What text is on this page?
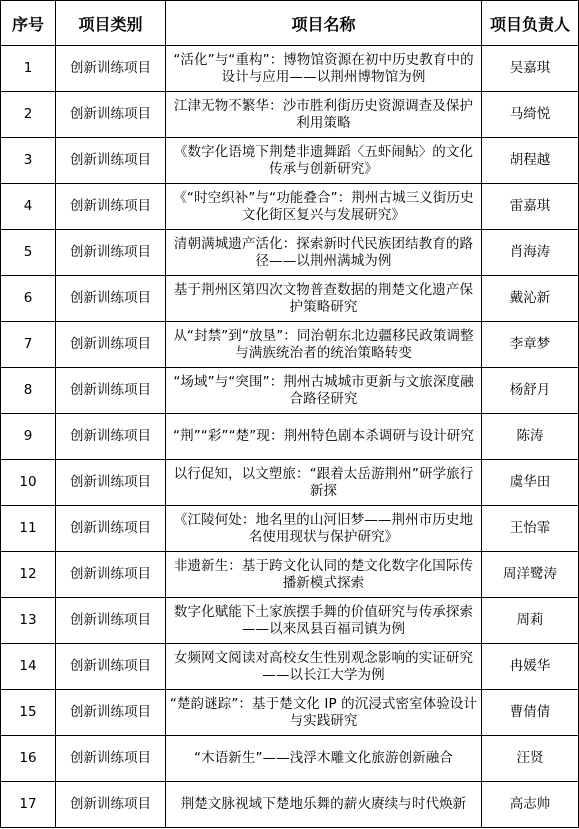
序号	项目类别	项目名称	项目负责人
1	创新训练项目	“活化”与“重构”：博物馆资源在初中历史教育中的设计与应用——以荆州博物馆为例	吴嘉琪
2	创新训练项目	江津无物不繁华：沙市胜利街历史资源调查及保护利用策略	马绮悦
3	创新训练项目	《数字化语境下荆楚非遗舞蹈〈五虾闹鲇〉的文化传承与创新研究》	胡程越
4	创新训练项目	《“时空织补”与“功能叠合”：荆州古城三义街历史文化街区复兴与发展研究》	雷嘉琪
5	创新训练项目	清朝满城遗产活化：探索新时代民族团结教育的路径——以荆州满城为例	肖海涛
6	创新训练项目	基于荆州区第四次文物普查数据的荆楚文化遗产保护策略研究	戴沁新
7	创新训练项目	从“封禁”到“放垦”：同治朝东北边疆移民政策调整与满族统治者的统治策略转变	李章梦
8	创新训练项目	“场域”与“突围”：荆州古城城市更新与文旅深度融合路径研究	杨舒月
9	创新训练项目	“荆”“彩”“楚”现：荆州特色剧本杀调研与设计研究	陈涛
10	创新训练项目	以行促知，以文塑旅：“跟着太岳游荆州”研学旅行新探	虞华田
11	创新训练项目	《江陵何处：地名里的山河旧梦——荆州市历史地名使用现状与保护研究》	王怡霏
12	创新训练项目	非遗新生：基于跨文化认同的楚文化数字化国际传播新模式探索	周洋鹭涛
13	创新训练项目	数字化赋能下土家族摆手舞的价值研究与传承探索——以来凤县百福司镇为例	周莉
14	创新训练项目	女频网文阅读对高校女生性别观念影响的实证研究 ——以长江大学为例	冉媛华
15	创新训练项目	“楚韵谜踪”：基于楚文化 IP 的沉浸式密室体验设计与实践研究	曹倩倩
16	创新训练项目	“木语新生”——浅浮木雕文化旅游创新融合	汪贤
17	创新训练项目	荆楚文脉视域下楚地乐舞的薪火赓续与时代焕新	高志帅
